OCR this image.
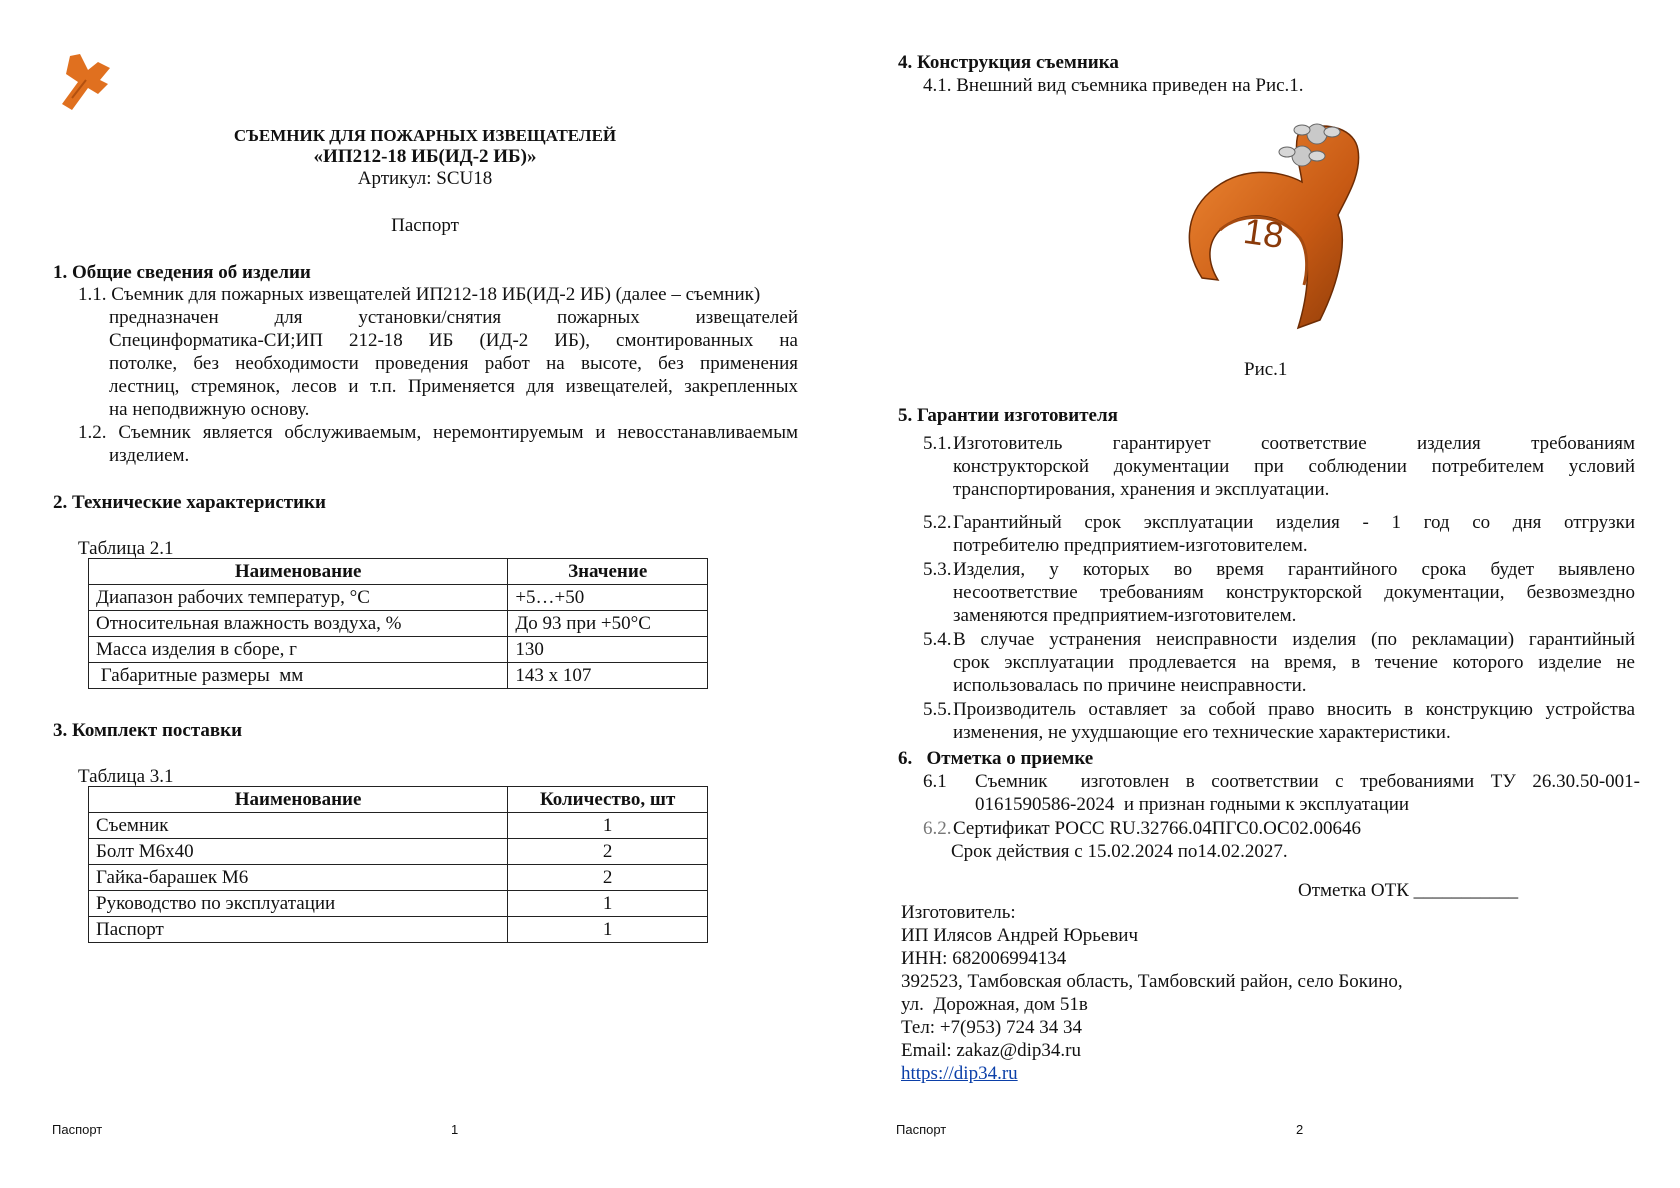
СЪЕМНИК ДЛЯ ПОЖАРНЫХ ИЗВЕЩАТЕЛЕЙ
«ИП212-18 ИБ(ИД-2 ИБ)»
Артикул: SCU18
Паспорт
1. Общие сведения об изделии
1.1. Съемник для пожарных извещателей ИП212-18 ИБ(ИД-2 ИБ) (далее – съемник)
предназначен для установки/снятия пожарных извещателей
Специнформатика-СИ;ИП 212-18 ИБ (ИД-2 ИБ), смонтированных на
потолке, без необходимости проведения работ на высоте, без применения
лестниц, стремянок, лесов и т.п. Применяется для извещателей, закрепленных
на неподвижную основу.
1.2. Съемник является обслуживаемым, неремонтируемым и невосстанавливаемым
изделием.
2. Технические характеристики
Таблица 2.1
Наименование	Значение
Диапазон рабочих температур, °С	+5…+50
Относительная влажность воздуха, %	До 93 при +50°С
Масса изделия в сборе, г	130
Габаритные размеры  мм	143 х 107
3. Комплект поставки
Таблица 3.1
Наименование	Количество, шт
Съемник	1
Болт М6х40	2
Гайка-барашек М6	2
Руководство по эксплуатации	1
Паспорт	1
Паспорт	1
4. Конструкция съемника
4.1. Внешний вид съемника приведен на Рис.1.
18
Рис.1
5. Гарантии изготовителя
5.1. Изготовитель гарантирует соответствие изделия требованиям
конструкторской документации при соблюдении потребителем условий
транспортирования, хранения и эксплуатации.
5.2. Гарантийный срок эксплуатации изделия - 1 год со дня отгрузки
потребителю предприятием-изготовителем.
5.3. Изделия, у которых во время гарантийного срока будет выявлено
несоответствие требованиям конструкторской документации, безвозмездно
заменяются предприятием-изготовителем.
5.4. В случае устранения неисправности изделия (по рекламации) гарантийный
срок эксплуатации продлевается на время, в течение которого изделие не
использовалась по причине неисправности.
5.5. Производитель оставляет за собой право вносить в конструкцию устройства
изменения, не ухудшающие его технические характеристики.
6.   Отметка о приемке
6.1 Съемник  изготовлен в соответствии с требованиями ТУ 26.30.50-001-
0161590586-2024  и признан годными к эксплуатации
6.2. Сертификат РОСС RU.32766.04ПГС0.ОС02.00646
Срок действия с 15.02.2024 по14.02.2027.
Отметка ОТК ___________
Изготовитель:
ИП Илясов Андрей Юрьевич
ИНН: 682006994134
392523, Тамбовская область, Тамбовский район, село Бокино,
ул.  Дорожная, дом 51в
Тел: +7(953) 724 34 34
Email: zakaz@dip34.ru
https://dip34.ru
Паспорт	2
